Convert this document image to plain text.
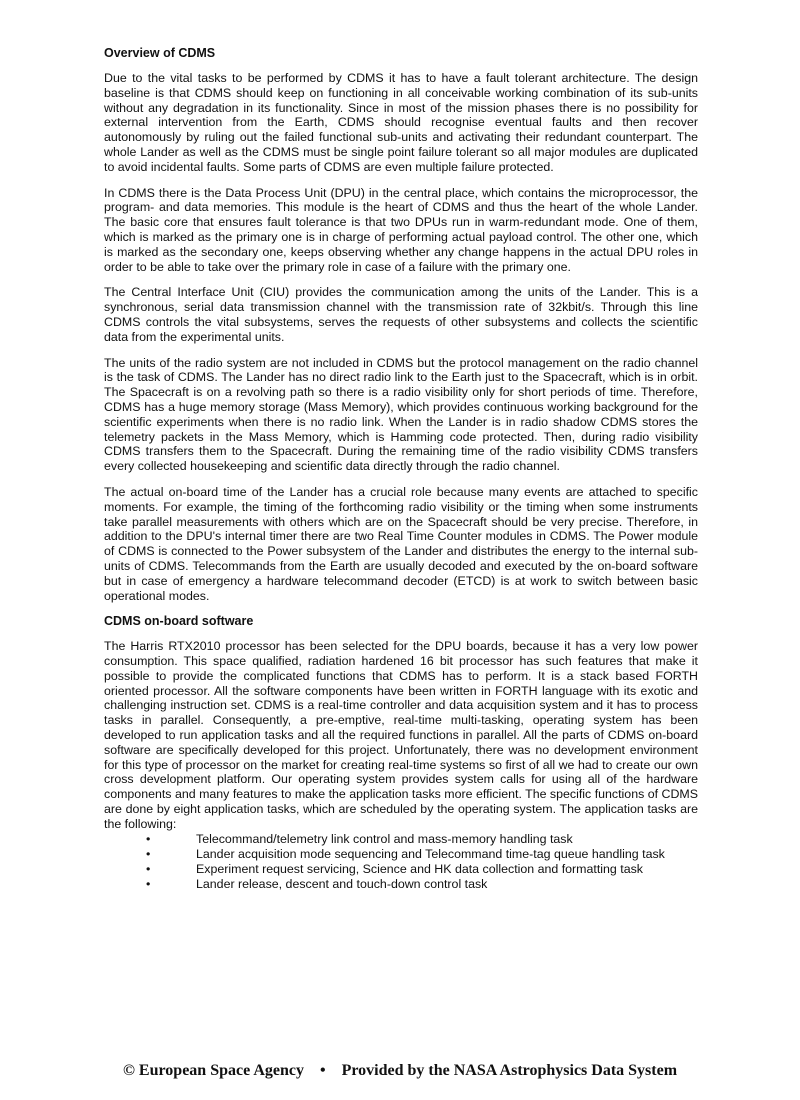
Overview of CDMS

Due to the vital tasks to be performed by CDMS it has to have a fault tolerant architecture. The design baseline is that CDMS should keep on functioning in all conceivable working combination of its sub-units without any degradation in its functionality. Since in most of the mission phases there is no possibility for external intervention from the Earth, CDMS should recognise eventual faults and then recover autonomously by ruling out the failed functional sub-units and activating their redundant counterpart. The whole Lander as well as the CDMS must be single point failure tolerant so all major modules are duplicated to avoid incidental faults. Some parts of CDMS are even multiple failure protected.

In CDMS there is the Data Process Unit (DPU) in the central place, which contains the microprocessor, the program- and data memories. This module is the heart of CDMS and thus the heart of the whole Lander. The basic core that ensures fault tolerance is that two DPUs run in warm-redundant mode. One of them, which is marked as the primary one is in charge of performing actual payload control. The other one, which is marked as the secondary one, keeps observing whether any change happens in the actual DPU roles in order to be able to take over the primary role in case of a failure with the primary one.

The Central Interface Unit (CIU) provides the communication among the units of the Lander. This is a synchronous, serial data transmission channel with the transmission rate of 32kbit/s. Through this line CDMS controls the vital subsystems, serves the requests of other subsystems and collects the scientific data from the experimental units.

The units of the radio system are not included in CDMS but the protocol management on the radio channel is the task of CDMS. The Lander has no direct radio link to the Earth just to the Spacecraft, which is in orbit. The Spacecraft is on a revolving path so there is a radio visibility only for short periods of time. Therefore, CDMS has a huge memory storage (Mass Memory), which provides continuous working background for the scientific experiments when there is no radio link. When the Lander is in radio shadow CDMS stores the telemetry packets in the Mass Memory, which is Hamming code protected. Then, during radio visibility CDMS transfers them to the Spacecraft. During the remaining time of the radio visibility CDMS transfers every collected housekeeping and scientific data directly through the radio channel.

The actual on-board time of the Lander has a crucial role because many events are attached to specific moments. For example, the timing of the forthcoming radio visibility or the timing when some instruments take parallel measurements with others which are on the Spacecraft should be very precise. Therefore, in addition to the DPU's internal timer there are two Real Time Counter modules in CDMS. The Power module of CDMS is connected to the Power subsystem of the Lander and distributes the energy to the internal sub-units of CDMS. Telecommands from the Earth are usually decoded and executed by the on-board software but in case of emergency a hardware telecommand decoder (ETCD) is at work to switch between basic operational modes.

CDMS on-board software

The Harris RTX2010 processor has been selected for the DPU boards, because it has a very low power consumption. This space qualified, radiation hardened 16 bit processor has such features that make it possible to provide the complicated functions that CDMS has to perform. It is a stack based FORTH oriented processor. All the software components have been written in FORTH language with its exotic and challenging instruction set. CDMS is a real-time controller and data acquisition system and it has to process tasks in parallel. Consequently, a pre-emptive, real-time multi-tasking, operating system has been developed to run application tasks and all the required functions in parallel. All the parts of CDMS on-board software are specifically developed for this project. Unfortunately, there was no development environment for this type of processor on the market for creating real-time systems so first of all we had to create our own cross development platform. Our operating system provides system calls for using all of the hardware components and many features to make the application tasks more efficient. The specific functions of CDMS are done by eight application tasks, which are scheduled by the operating system. The application tasks are the following:

•	Telecommand/telemetry link control and mass-memory handling task
•	Lander acquisition mode sequencing and Telecommand time-tag queue handling task
•	Experiment request servicing, Science and HK data collection and formatting task
•	Lander release, descent and touch-down control task
© European Space Agency • Provided by the NASA Astrophysics Data System
